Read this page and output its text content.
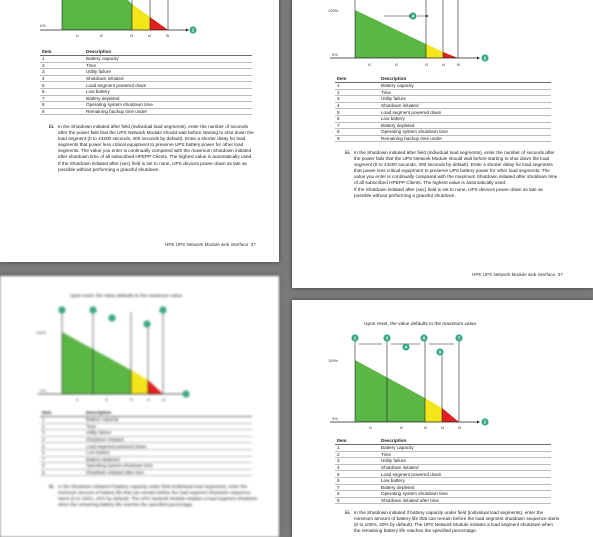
0%
t1	t2	t3	t4	t5
2
Item	Description
1	Battery capacity
2	Time
3	Utility failure
4	Shutdown initiated
5	Load segment powered down
6	Low battery
7	Battery depleted
8	Operating system shutdown time
9	Remaining backup time under
iii. In the Shutdown initiated after field (individual load segments), enter the number of seconds after the power fails that the UPS Network Module should wait before starting to shut down the load segment (0 to 43200 seconds, 300 seconds by default). Enter a shorter delay for load segments that power less critical equipment to preserve UPS battery power for other load segments. The value you enter is continually compared with the maximum Shutdown initiated after shutdown time of all subscribed HPEPP Clients. The highest value is automatically used.

If the Shutdown initiated after (sec) field is set to none, UPS devices power down as late as possible without performing a graceful shutdown.

HPE UPS Network Module web interface 37
100%
0%
t1	t2	t3	t4	t5
4
2
Item	Description
1	Battery capacity
2	Time
3	Utility failure
4	Shutdown initiated
5	Load segment powered down
6	Low battery
7	Battery depleted
8	Operating system shutdown time
9	Remaining backup time under
iii. In the Shutdown initiated after field (individual load segments), enter the number of seconds after the power fails that the UPS Network Module should wait before starting to shut down the load segment (0 to 43200 seconds, 300 seconds by default). Enter a shorter delay for load segments that power less critical equipment to preserve UPS battery power for other load segments. The value you enter is continually compared with the maximum Shutdown initiated after shutdown time of all subscribed HPEPP Clients. The highest value is automatically used.

If the Shutdown initiated after (sec) field is set to none, UPS devices power down as late as possible without performing a graceful shutdown.

HPE UPS Network Module web interface 37
Upon reset, the value defaults to the maximum value.
100%
0%
t1	t2	t3	t4	t5
Item	Description
1	Battery capacity
2	Time
3	Utility failure
4	Shutdown initiated
5	Load segment powered down
6	Low battery
7	Battery depleted
8	Operating system shutdown time
9	Shutdown initiated after time
iii. In the Shutdown initiated if battery capacity under field (individual load segments), enter the minimum amount of battery life that can remain before the load segment shutdown sequence starts (0 to 100%, 20% by default). The UPS Network Module initiates a load segment shutdown when the remaining battery life reaches the specified percentage.

Upon reset, the value defaults to the maximum value.
100%
0%
t1	t2	t3	t4	t5
1	3
4
6
9
7
2
Item	Description
1	Battery capacity
2	Time
3	Utility failure
4	Shutdown initiated
5	Load segment powered down
6	Low battery
7	Battery depleted
8	Operating system shutdown time
9	Shutdown initiated after time
iii. In the Shutdown initiated if battery capacity under field (individual load segments), enter the minimum amount of battery life that can remain before the load segment shutdown sequence starts (0 to 100%, 20% by default). The UPS Network Module initiates a load segment shutdown when the remaining battery life reaches the specified percentage.
